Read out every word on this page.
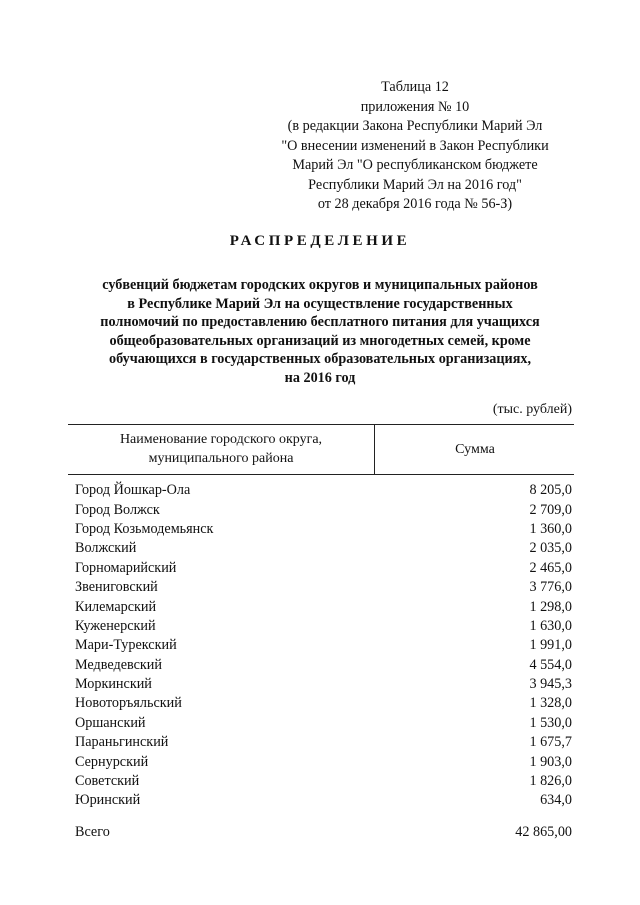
Таблица 12
приложения № 10
(в редакции Закона Республики Марий Эл
"О внесении изменений в Закон Республики
Марий Эл "О республиканском бюджете
Республики Марий Эл на 2016 год"
от 28 декабря 2016 года № 56-З)
РАСПРЕДЕЛЕНИЕ
субвенций бюджетам городских округов и муниципальных районов
в Республике Марий Эл на осуществление государственных
полномочий по предоставлению бесплатного питания для учащихся
общеобразовательных организаций из многодетных семей, кроме
обучающихся в государственных образовательных организациях,
на 2016 год
(тыс. рублей)
Наименование городского округа,
муниципального района
Сумма
Город Йошкар-Ола	8 205,0
Город Волжск	2 709,0
Город Козьмодемьянск	1 360,0
Волжский	2 035,0
Горномарийский	2 465,0
Звениговский	3 776,0
Килемарский	1 298,0
Куженерский	1 630,0
Мари-Турекский	1 991,0
Медведевский	4 554,0
Моркинский	3 945,3
Новоторъяльский	1 328,0
Оршанский	1 530,0
Параньгинский	1 675,7
Сернурский	1 903,0
Советский	1 826,0
Юринский	634,0
Всего	42 865,00
